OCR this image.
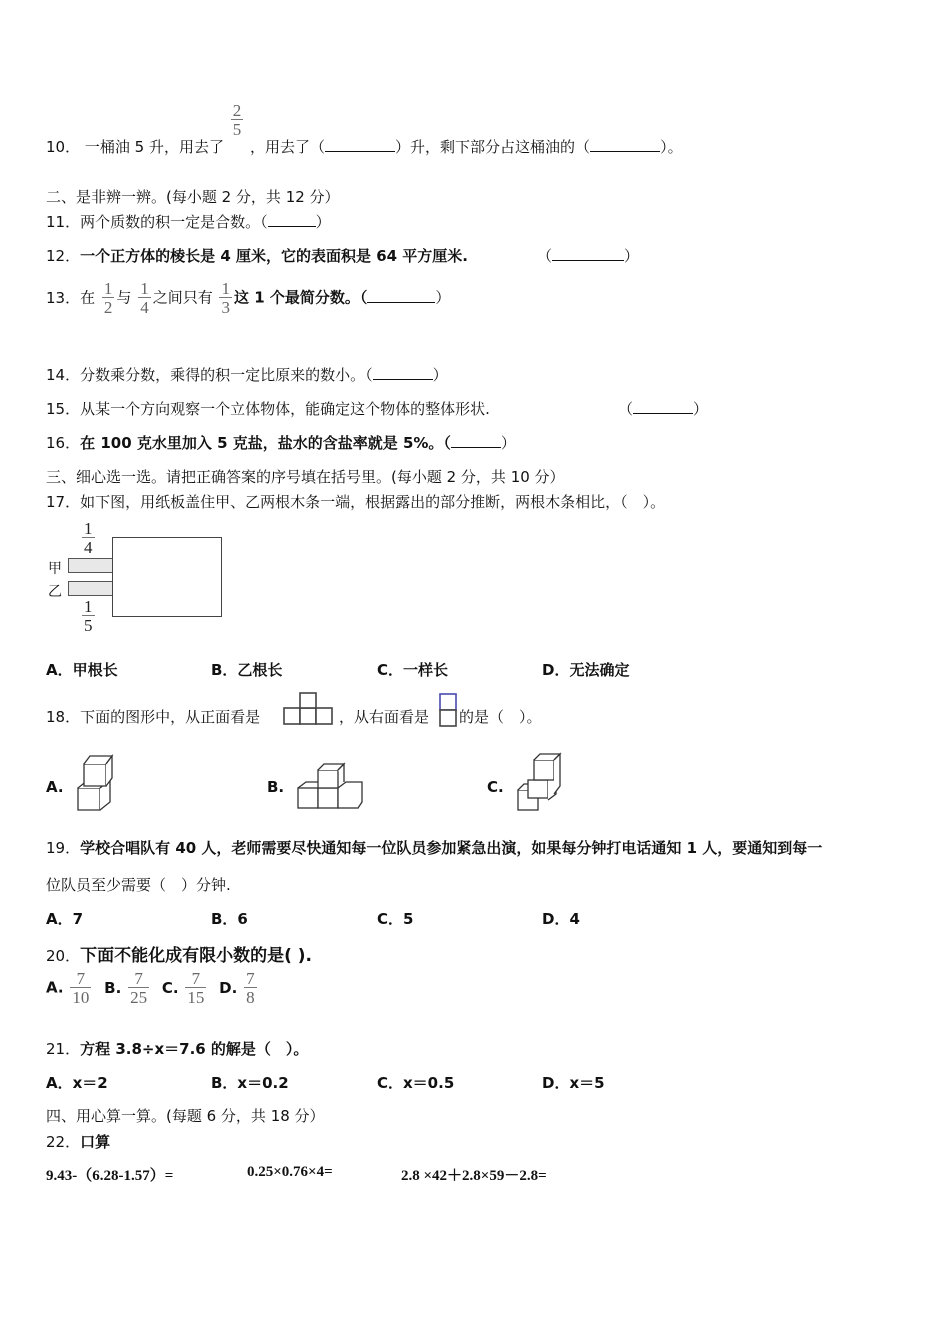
10． 一桶油 5 升，用去了
$\frac{2}{5}$
，用去了（	）升，剩下部分占这桶油的（	）。
二、是非辨一辨。(每小题 2 分，共 12 分）
11．两个质数的积一定是合数。（	）
12．一个正方体的棱长是 4 厘米，它的表面积是 64 平方厘米.	（	）
13．在 $\frac{1}{2}$ 与 $\frac{1}{4}$ 之间只有 $\frac{1}{3}$ 这 1 个最简分数。（	）
14．分数乘分数，乘得的积一定比原来的数小。（	）
15．从某一个方向观察一个立体物体，能确定这个物体的整体形状.	（	）
16．在 100 克水里加入 5 克盐，盐水的含盐率就是 5%。（	）
三、细心选一选。请把正确答案的序号填在括号里。(每小题 2 分，共 10 分）
17．如下图，用纸板盖住甲、乙两根木条一端，根据露出的部分推断，两根木条相比，（　）。
$\frac{1}{4}$
甲
乙
$\frac{1}{5}$
A．甲根长	B．乙根长	C．一样长	D．无法确定
18．下面的图形中，从正面看是	，从右面看是 的是（　）。
A.	B.	C.
19．学校合唱队有 40 人，老师需要尽快通知每一位队员参加紧急出演，如果每分钟打电话通知 1 人，要通知到每一
位队员至少需要（　）分钟.
A．7	B．6	C．5	D．4
20．下面不能化成有限小数的是( ).
A. $\frac{7}{10} B$. $\frac{7}{25} C$. $\frac{7}{15} D$. $\frac{7}{8}$
21．方程 3.8÷x＝7.6 的解是（　）。
A．x＝2	B．x＝0.2	C．x＝0.5	D．x＝5
四、用心算一算。(每题 6 分，共 18 分）
22．口算
9.43-（6.28-1.57）=	0.25×0.76×4=	2.8 ×42＋2.8×59－2.8=
